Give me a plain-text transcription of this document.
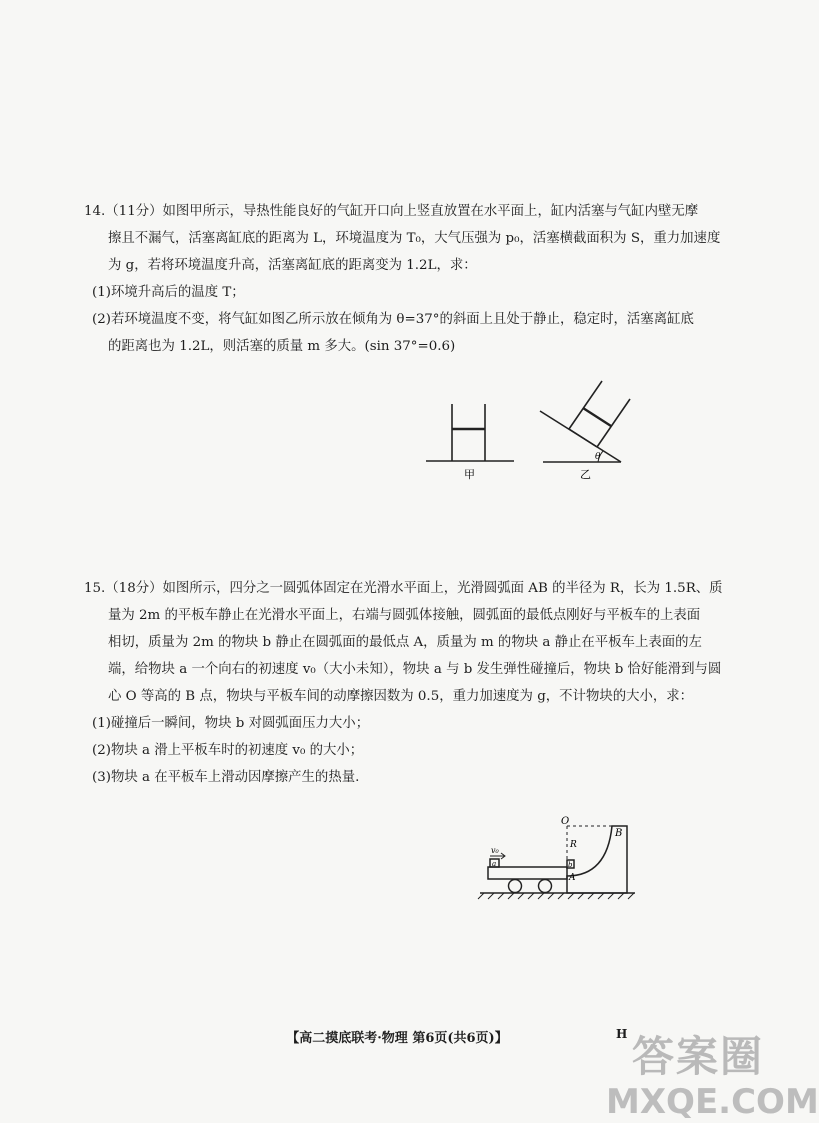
14.（11分）如图甲所示，导热性能良好的气缸开口向上竖直放置在水平面上，缸内活塞与气缸内壁无摩

擦且不漏气，活塞离缸底的距离为 L，环境温度为 T₀，大气压强为 p₀，活塞横截面积为 S，重力加速度

为 g，若将环境温度升高，活塞离缸底的距离变为 1.2L，求：

(1)环境升高后的温度 T；

(2)若环境温度不变，将气缸如图乙所示放在倾角为 θ=37°的斜面上且处于静止，稳定时，活塞离缸底

的距离也为 1.2L，则活塞的质量 m 多大。(sin 37°=0.6)

甲
θ
乙

15.（18分）如图所示，四分之一圆弧体固定在光滑水平面上，光滑圆弧面 AB 的半径为 R，长为 1.5R、质

量为 2m 的平板车静止在光滑水平面上，右端与圆弧体接触，圆弧面的最低点刚好与平板车的上表面

相切，质量为 2m 的物块 b 静止在圆弧面的最低点 A，质量为 m 的物块 a 静止在平板车上表面的左

端，给物块 a 一个向右的初速度 v₀（大小未知），物块 a 与 b 发生弹性碰撞后，物块 b 恰好能滑到与圆

心 O 等高的 B 点，物块与平板车间的动摩擦因数为 0.5，重力加速度为 g，不计物块的大小，求：

(1)碰撞后一瞬间，物块 b 对圆弧面压力大小；

(2)物块 a 滑上平板车时的初速度 v₀ 的大小；

(3)物块 a 在平板车上滑动因摩擦产生的热量.

O
B
R
A
a	b
v₀
【高二摸底联考·物理 第6页(共6页)】	H 答案圈
MXQE.COM
